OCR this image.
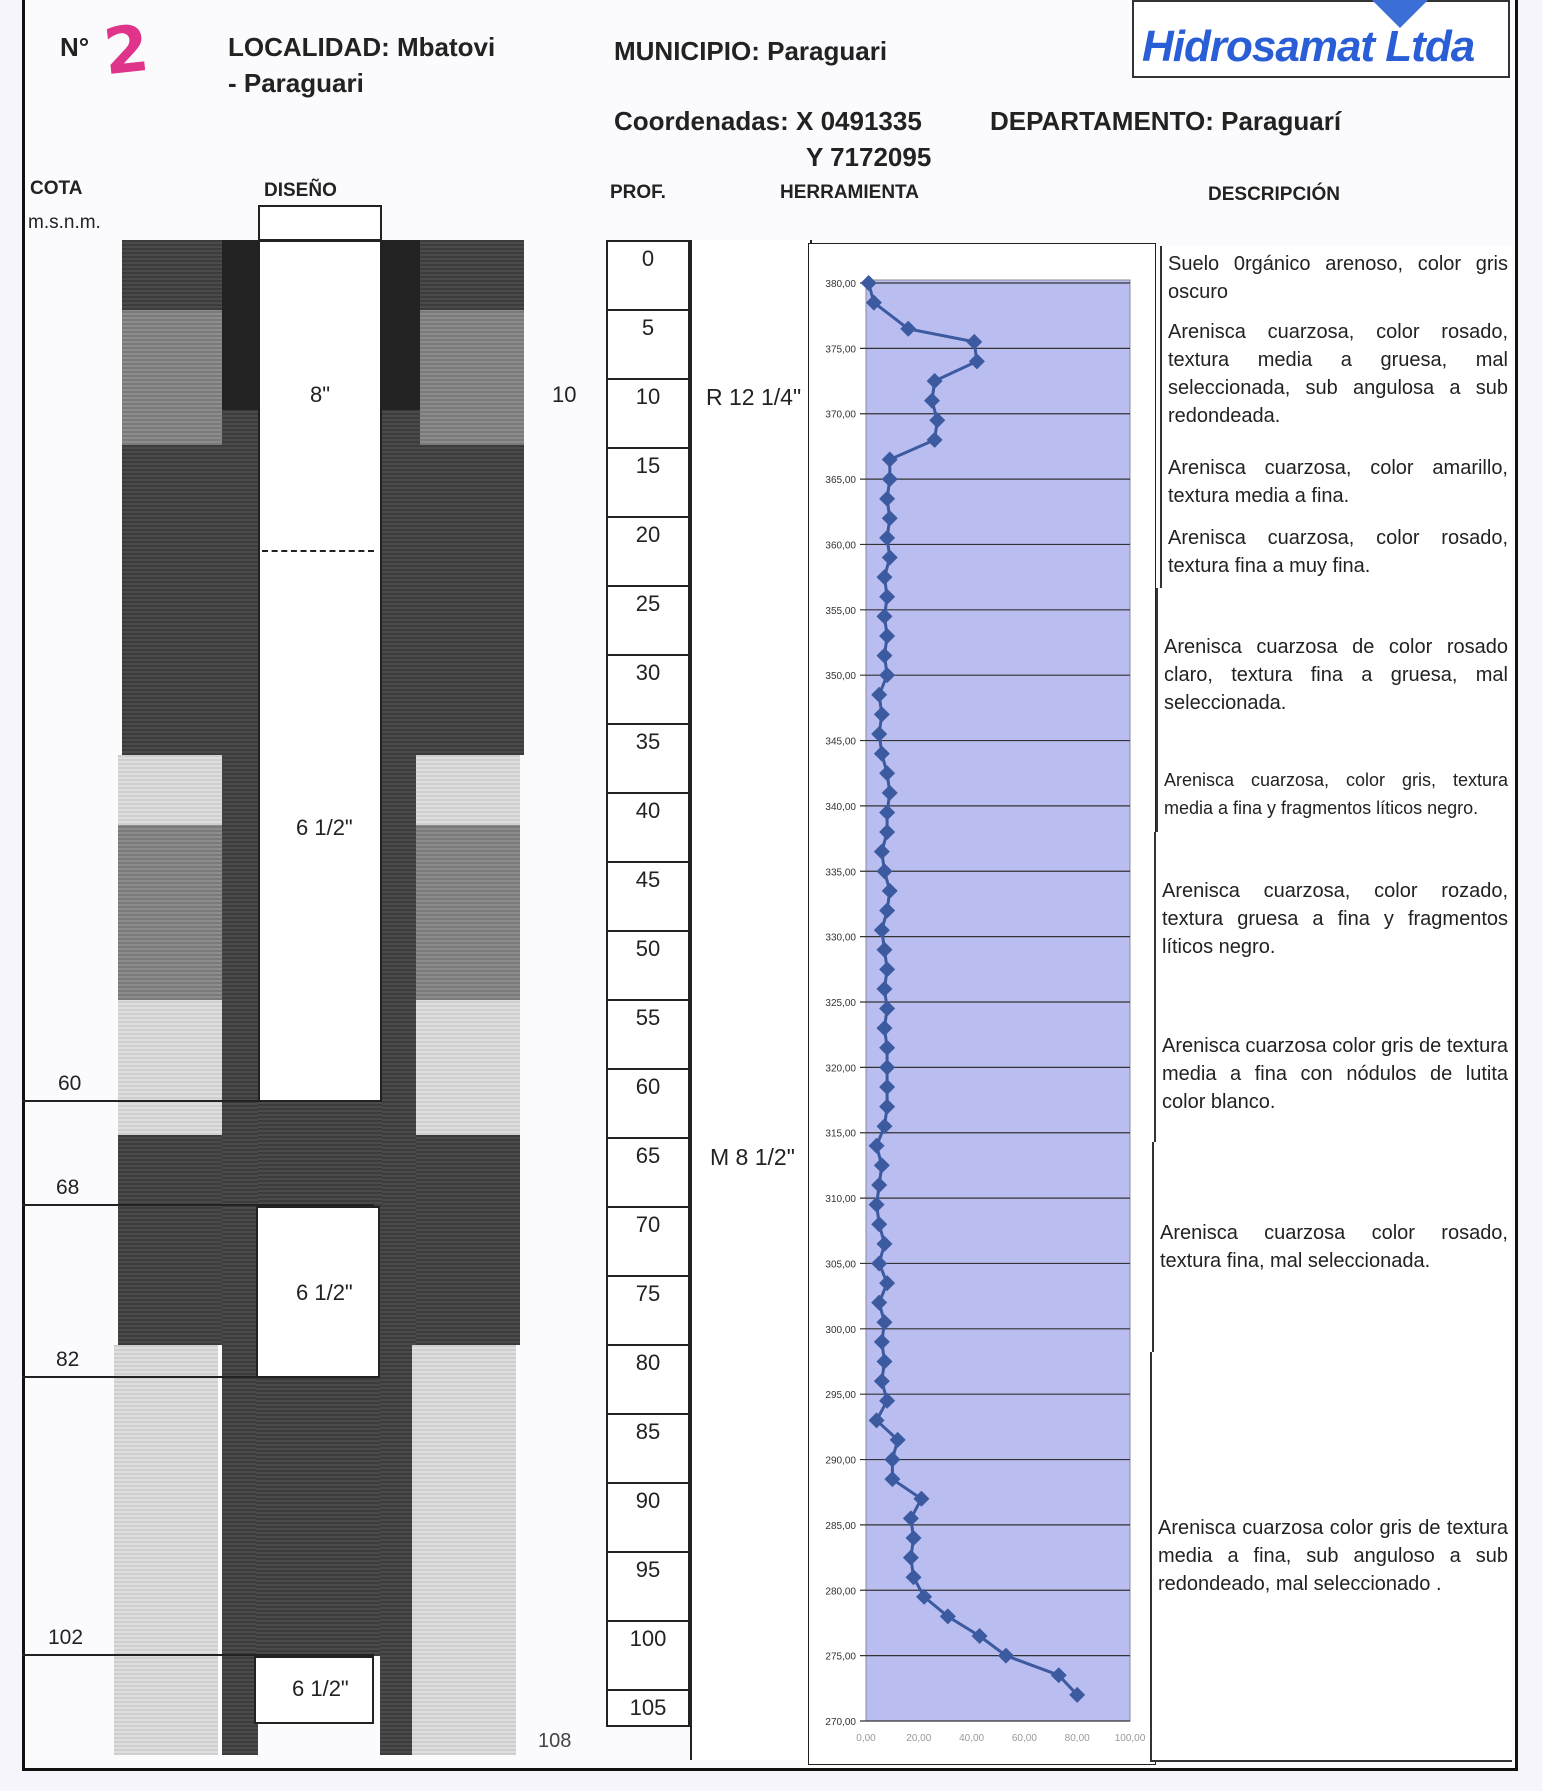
N° 2	LOCALIDAD: Mbatovi
- Paraguari
MUNICIPIO: Paraguari
Coordenadas: X 0491335
Y 7172095
DEPARTAMENTO: Paraguarí
Hidrosamat Ltda
COTA
m.s.n.m.
DISEÑO	PROF.	HERRAMIENTA	DESCRIPCIÓN
8"
6 1/2"
6 1/2"
6 1/2"
10
108
60
68
82
102
0
5
10
15
20
25
30
35
40
45
50
55
60
65
70
75
80
85
90
95
100
105
R 12 1/4"
M 8 1/2"
380,00
375,00
370,00
365,00
360,00
355,00
350,00
345,00
340,00
335,00
330,00
325,00
320,00
315,00
310,00
305,00
300,00
295,00
290,00
285,00
280,00
275,00
270,00
0,00	20,00	40,00	60,00	80,00 100,00
Suelo 0rgánico arenoso, color gris oscuro
Arenisca cuarzosa, color rosado, textura media a gruesa, mal seleccionada, sub angulosa a sub redondeada.
Arenisca cuarzosa, color amarillo, textura media a fina.
Arenisca cuarzosa, color rosado, textura fina a muy fina.
Arenisca cuarzosa de color rosado claro, textura fina a gruesa, mal seleccionada.
Arenisca cuarzosa, color gris, textura media a fina y fragmentos líticos negro.
Arenisca cuarzosa, color rozado, textura gruesa a fina y fragmentos líticos negro.
Arenisca cuarzosa color gris de textura media a fina con nódulos de lutita color blanco.
Arenisca cuarzosa color rosado, textura fina, mal seleccionada.
Arenisca cuarzosa color gris de textura media a fina, sub anguloso a sub redondeado, mal seleccionado .
